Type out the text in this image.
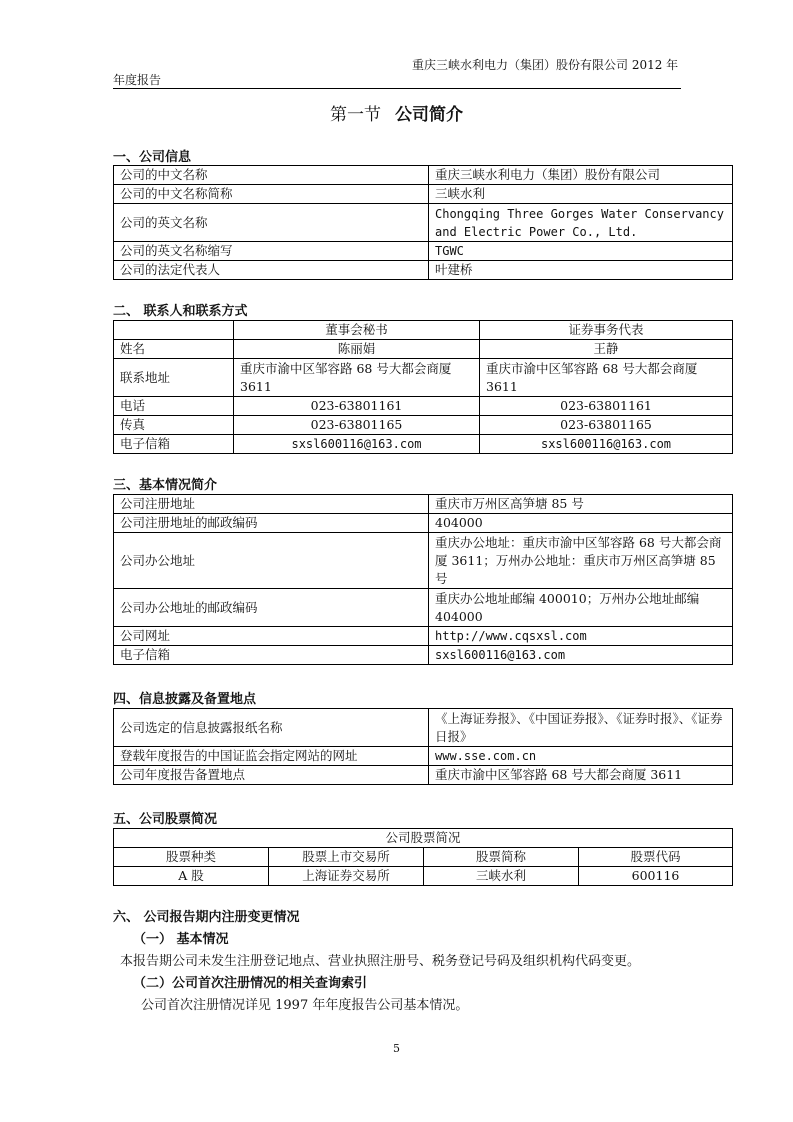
重庆三峡水利电力（集团）股份有限公司 2012 年
年度报告
第一节 公司简介
一、公司信息
公司的中文名称	重庆三峡水利电力（集团）股份有限公司
公司的中文名称简称	三峡水利
公司的英文名称	Chongqing Three Gorges Water Conservancy and Electric Power Co., Ltd.
公司的英文名称缩写	TGWC
公司的法定代表人	叶建桥
二、 联系人和联系方式
	董事会秘书	证券事务代表
姓名	陈丽娟	王静
联系地址	重庆市渝中区邹容路 68 号大都会商厦 3611	重庆市渝中区邹容路 68 号大都会商厦 3611
电话	023-63801161	023-63801161
传真	023-63801165	023-63801165
电子信箱	sxsl600116@163.com	sxsl600116@163.com
三、基本情况简介
公司注册地址	重庆市万州区高笋塘 85 号
公司注册地址的邮政编码	404000
公司办公地址	重庆办公地址：重庆市渝中区邹容路 68 号大都会商厦 3611；万州办公地址：重庆市万州区高笋塘 85 号
公司办公地址的邮政编码	重庆办公地址邮编 400010；万州办公地址邮编 404000
公司网址	http://www.cqsxsl.com
电子信箱	sxsl600116@163.com
四、信息披露及备置地点
公司选定的信息披露报纸名称	《上海证券报》、《中国证券报》、《证券时报》、《证券日报》
登载年度报告的中国证监会指定网站的网址	www.sse.com.cn
公司年度报告备置地点	重庆市渝中区邹容路 68 号大都会商厦 3611
五、公司股票简况
公司股票简况			
股票种类	股票上市交易所	股票简称	股票代码
A 股	上海证券交易所	三峡水利	600116
六、 公司报告期内注册变更情况
（一） 基本情况
本报告期公司未发生注册登记地点、营业执照注册号、税务登记号码及组织机构代码变更。
（二）公司首次注册情况的相关查询索引
公司首次注册情况详见 1997 年年度报告公司基本情况。
5
